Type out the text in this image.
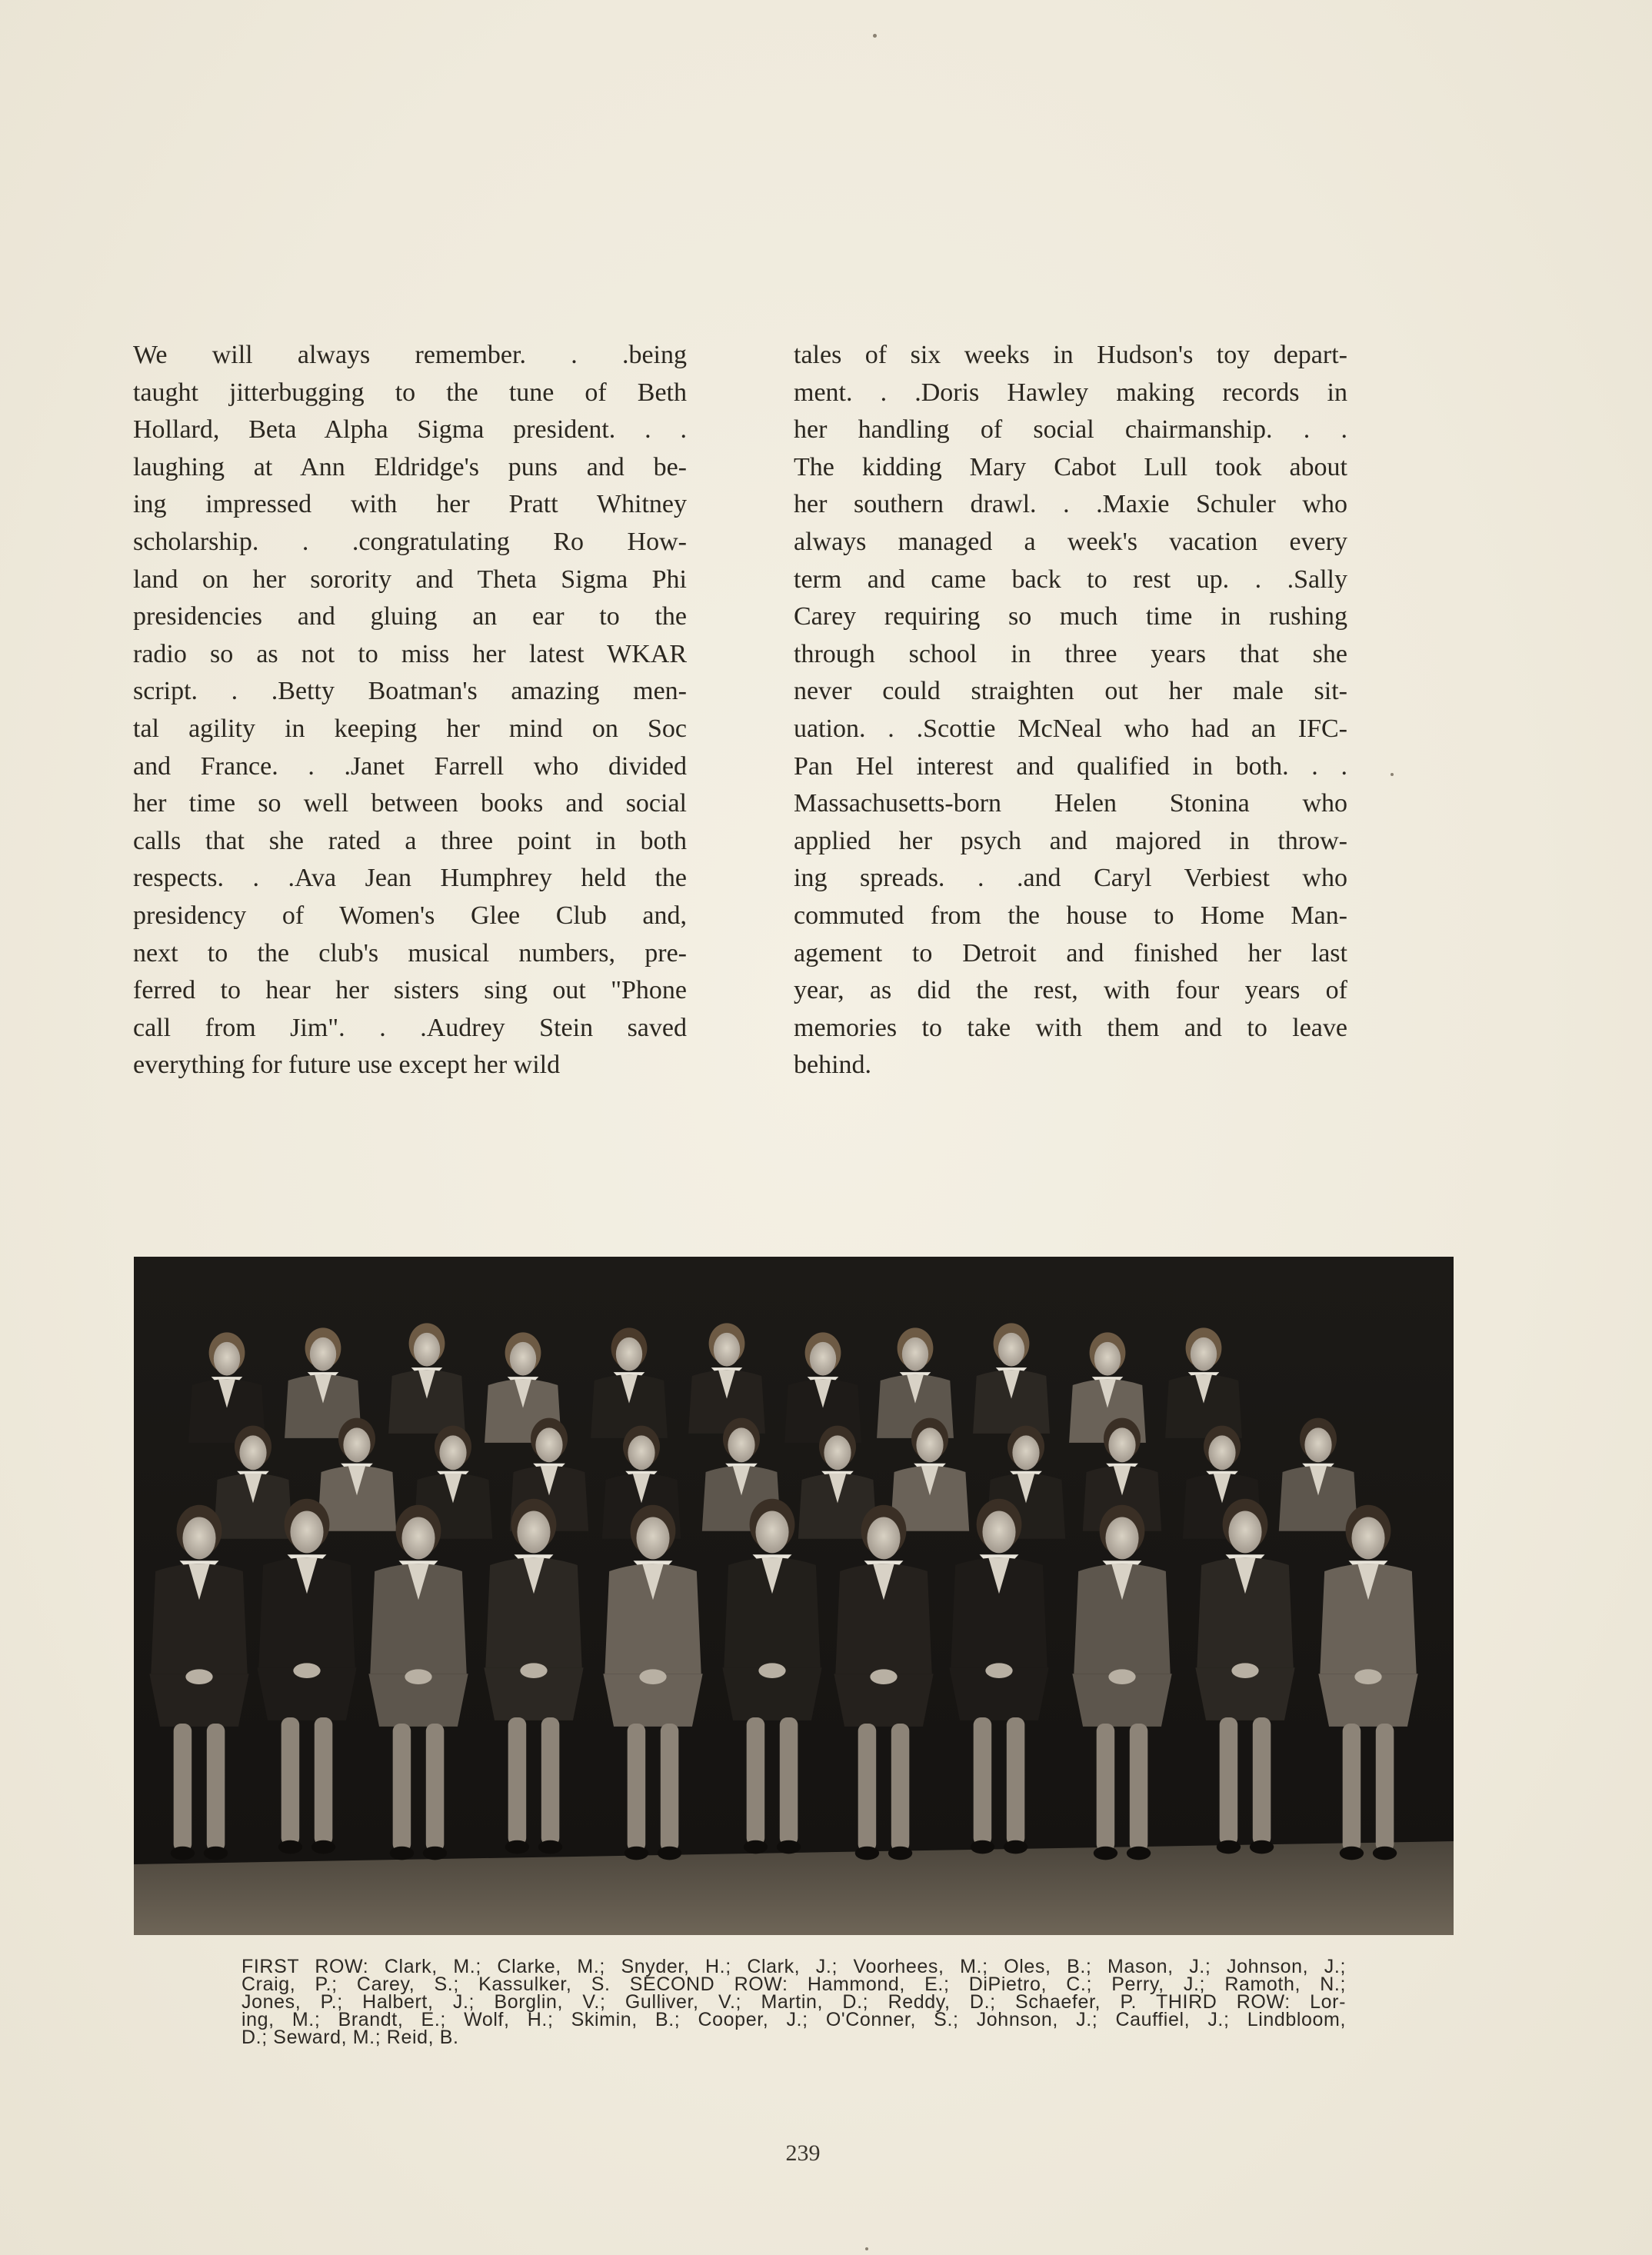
We will always remember. . .being
taught jitterbugging to the tune of Beth
Hollard, Beta Alpha Sigma president. . .
laughing at Ann Eldridge's puns and be-
ing impressed with her Pratt Whitney
scholarship. . .congratulating Ro How-
land on her sorority and Theta Sigma Phi
presidencies and gluing an ear to the
radio so as not to miss her latest WKAR
script. . .Betty Boatman's amazing men-
tal agility in keeping her mind on Soc
and France. . .Janet Farrell who divided
her time so well between books and social
calls that she rated a three point in both
respects. . .Ava Jean Humphrey held the
presidency of Women's Glee Club and,
next to the club's musical numbers, pre-
ferred to hear her sisters sing out "Phone
call from Jim". . .Audrey Stein saved
everything for future use except her wild
tales of six weeks in Hudson's toy depart-
ment. . .Doris Hawley making records in
her handling of social chairmanship. . .
The kidding Mary Cabot Lull took about
her southern drawl. . .Maxie Schuler who
always managed a week's vacation every
term and came back to rest up. . .Sally
Carey requiring so much time in rushing
through school in three years that she
never could straighten out her male sit-
uation. . .Scottie McNeal who had an IFC-
Pan Hel interest and qualified in both. . .
Massachusetts-born Helen Stonina who
applied her psych and majored in throw-
ing spreads. . .and Caryl Verbiest who
commuted from the house to Home Man-
agement to Detroit and finished her last
year, as did the rest, with four years of
memories to take with them and to leave
behind.
FIRST ROW: Clark, M.; Clarke, M.; Snyder, H.; Clark, J.; Voorhees, M.; Oles, B.; Mason, J.; Johnson, J.;
Craig, P.; Carey, S.; Kassulker, S. SECOND ROW: Hammond, E.; DiPietro, C.; Perry, J.; Ramoth, N.;
Jones, P.; Halbert, J.; Borglin, V.; Gulliver, V.; Martin, D.; Reddy, D.; Schaefer, P. THIRD ROW: Lor-
ing, M.; Brandt, E.; Wolf, H.; Skimin, B.; Cooper, J.; O'Conner, S.; Johnson, J.; Cauffiel, J.; Lindbloom,
D.; Seward, M.; Reid, B.
239
